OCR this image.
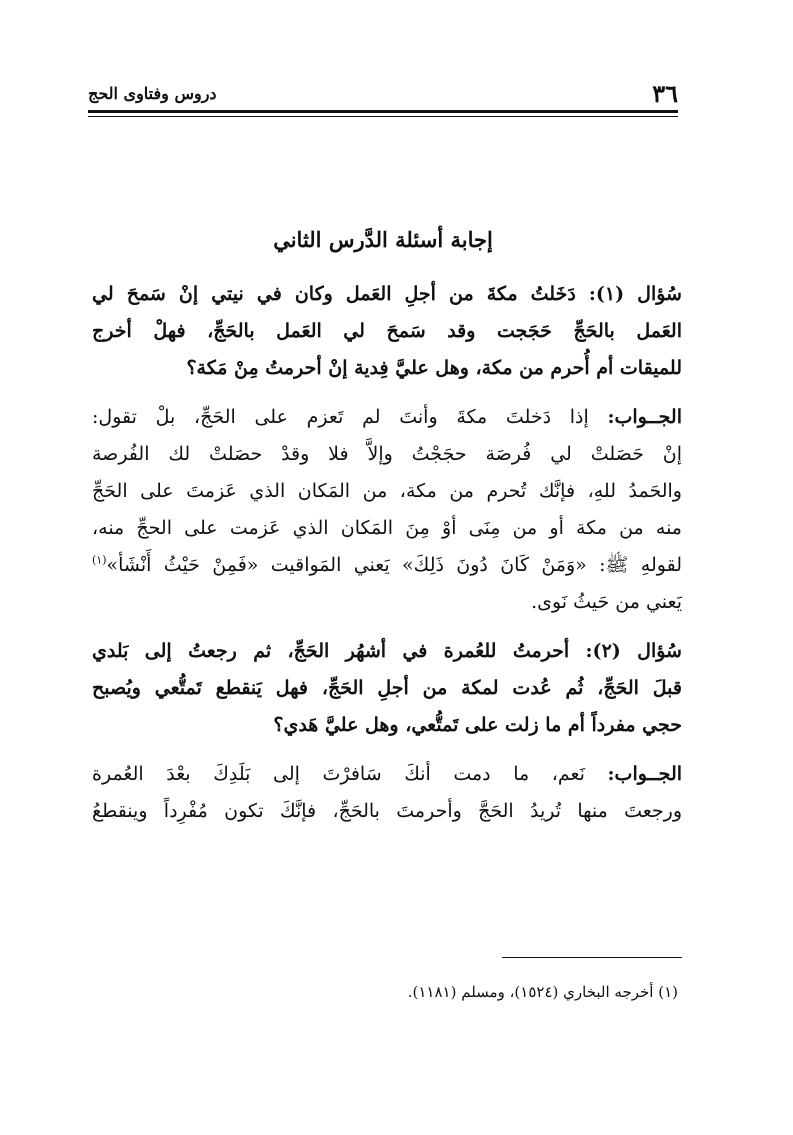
٣٦
دروس وفتاوى الحج
إجابة أسئلة الدَّرس الثاني
سُؤال (١): دَخَلتُ مكةَ من أجلِ العَمل وكان في نيتي إنْ سَمحَ لي
العَمل بالحَجِّ حَجَجت وقد سَمحَ لي العَمل بالحَجِّ، فهلْ أخرج
للميقات أم أُحرم من مكة، وهل عليَّ فِدية إنْ أحرمتُ مِنْ مَكة؟
الجــواب: إذا دَخلتَ مكةَ وأنتَ لم تَعزم على الحَجِّ، بلْ تقول:
إنْ حَصَلتْ لي فُرصَة حجَجْتُ وإلاَّ فلا وقدْ حصَلتْ لك الفُرصة
والحَمدُ للهِ، فإنَّك تُحرم من مكة، من المَكان الذي عَزمتَ على الحَجِّ
منه من مكة أو من مِنَى أوْ مِنَ المَكان الذي عَزمت على الحجِّ منه،
لقولهِ ﷺ: «وَمَنْ كَانَ دُونَ ذَلِكَ» يَعني المَواقيت «فَمِنْ حَيْثُ أَنْشَأ»$^{(١)}$
يَعني من حَيثُ نَوى.
سُؤال (٢): أحرمتُ للعُمرة في أشهُر الحَجِّ، ثم رجعتُ إلى بَلدي
قبلَ الحَجِّ، ثُم عُدت لمكة من أجلِ الحَجِّ، فهل يَنقطع تَمتُّعي ويُصبح
حجي مفرداً أم ما زلت على تَمتُّعي، وهل عليَّ هَدي؟
الجــواب: نَعم، ما دمت أنكَ سَافرْتَ إلى بَلَدِكَ بعْدَ العُمرة
ورجعتَ منها تُريدُ الحَجَّ وأحرمتَ بالحَجِّ، فإنَّكَ تكون مُفْرِداً وينقطعُ
(١) أخرجه البخاري (١٥٢٤)، ومسلم (١١٨١).
